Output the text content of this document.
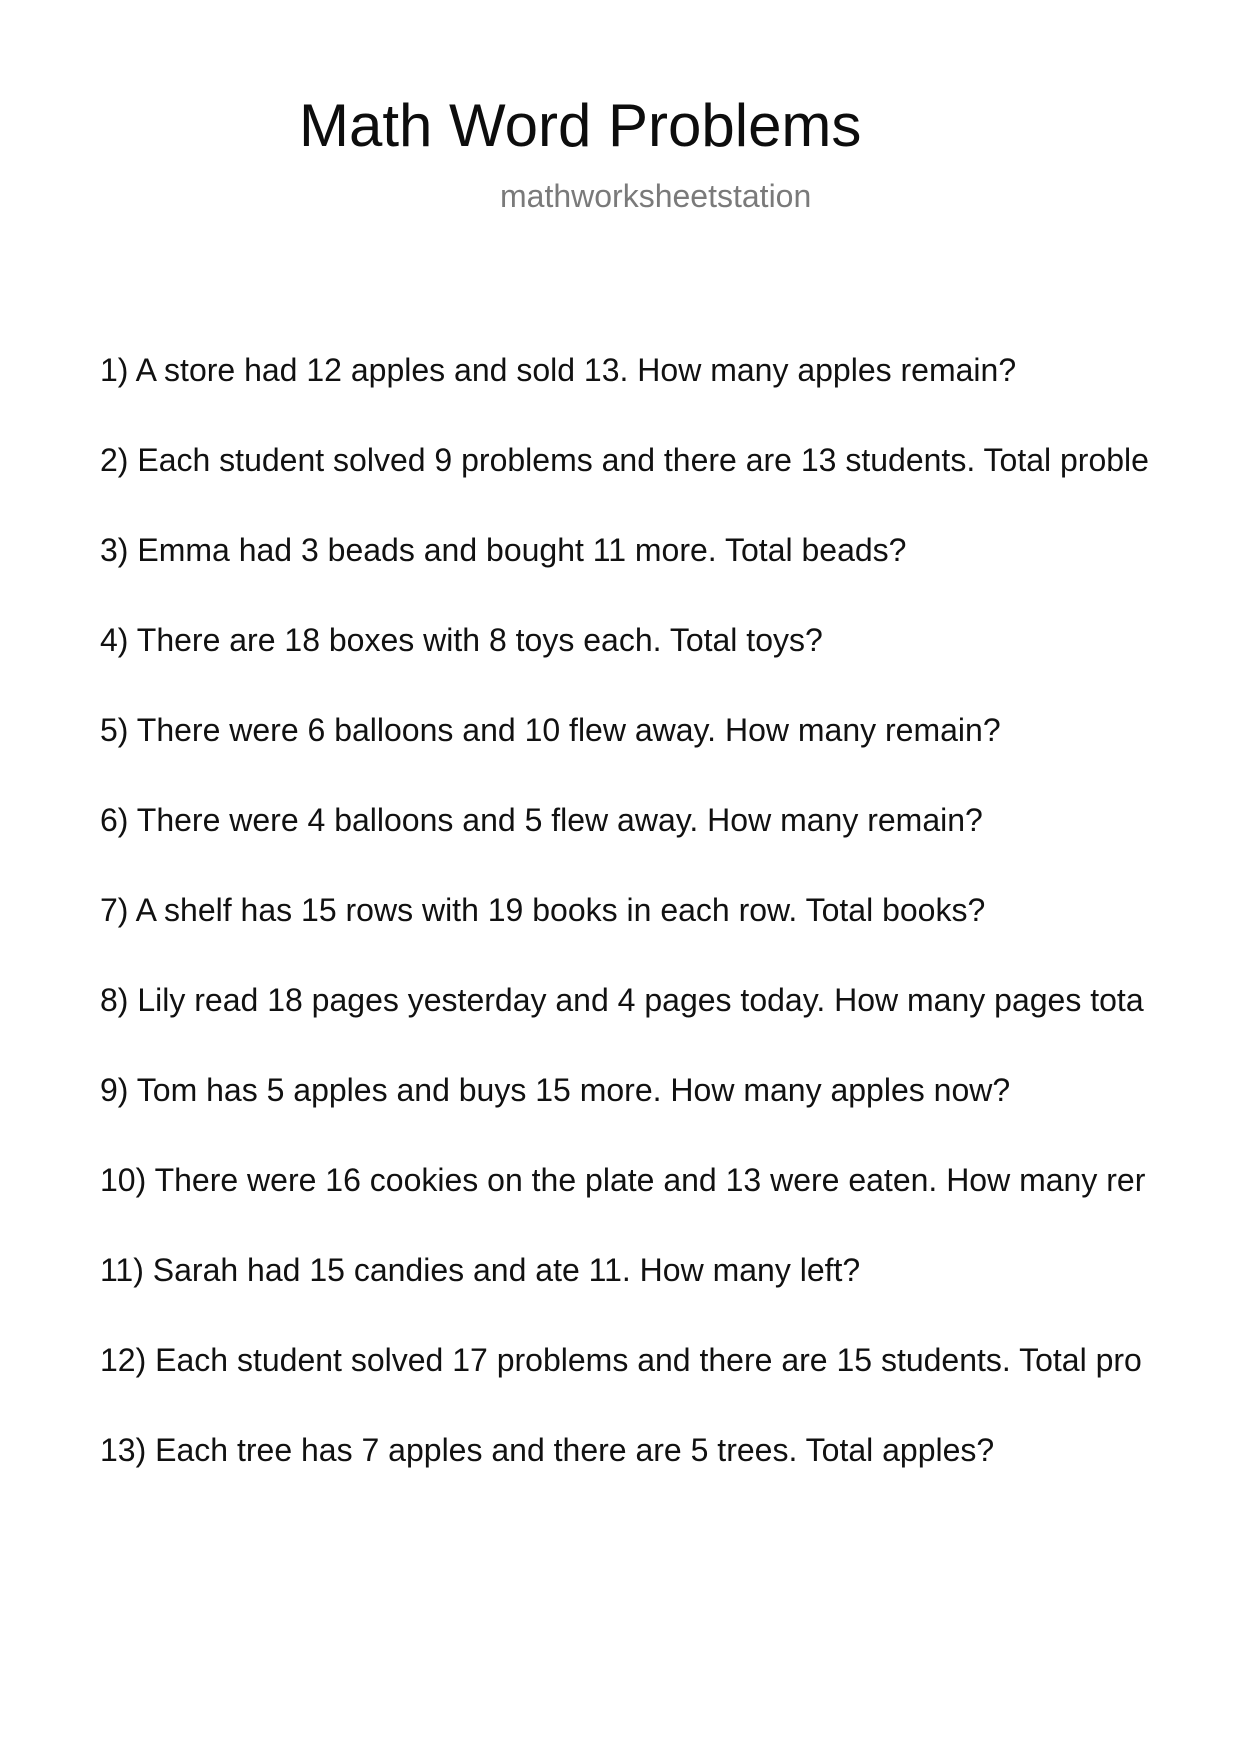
Math Word Problems
mathworksheetstation
1) A store had 12 apples and sold 13. How many apples remain?
2) Each student solved 9 problems and there are 13 students. Total proble
3) Emma had 3 beads and bought 11 more. Total beads?
4) There are 18 boxes with 8 toys each. Total toys?
5) There were 6 balloons and 10 flew away. How many remain?
6) There were 4 balloons and 5 flew away. How many remain?
7) A shelf has 15 rows with 19 books in each row. Total books?
8) Lily read 18 pages yesterday and 4 pages today. How many pages tota
9) Tom has 5 apples and buys 15 more. How many apples now?
10) There were 16 cookies on the plate and 13 were eaten. How many rer
11) Sarah had 15 candies and ate 11. How many left?
12) Each student solved 17 problems and there are 15 students. Total pro
13) Each tree has 7 apples and there are 5 trees. Total apples?
